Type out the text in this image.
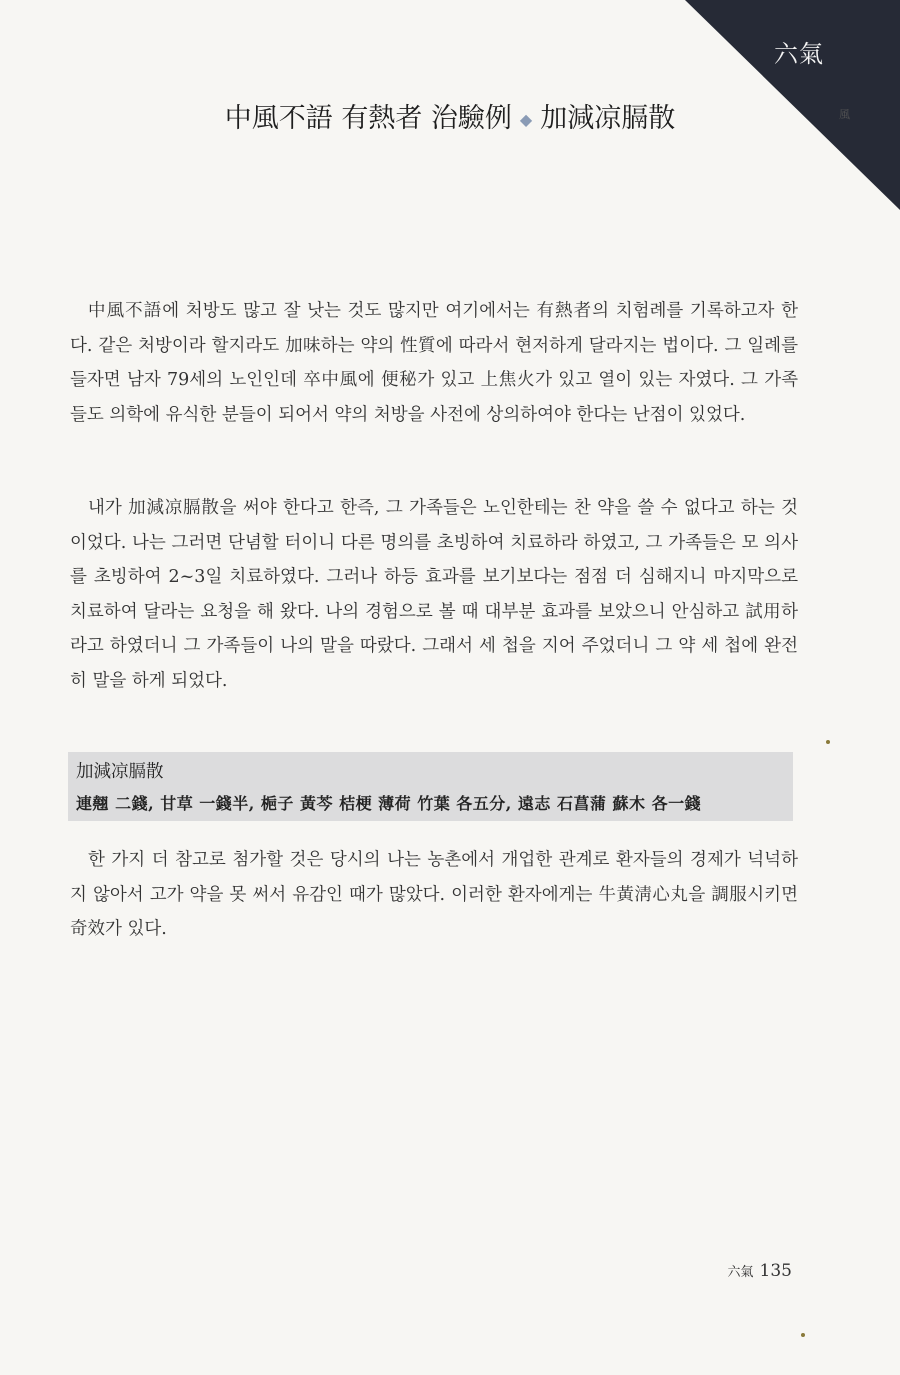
六氣
風
中風不語 有熱者 治驗例 ◆ 加減凉膈散

中風不語에 처방도 많고 잘 낫는 것도 많지만 여기에서는 有熱者의 치험례를 기록하고자 한다. 같은 처방이라 할지라도 加味하는 약의 性質에 따라서 현저하게 달라지는 법이다. 그 일례를 들자면 남자 79세의 노인인데 卒中風에 便秘가 있고 上焦火가 있고 열이 있는 자였다. 그 가족들도 의학에 유식한 분들이 되어서 약의 처방을 사전에 상의하여야 한다는 난점이 있었다.

내가 加減凉膈散을 써야 한다고 한즉, 그 가족들은 노인한테는 찬 약을 쓸 수 없다고 하는 것이었다. 나는 그러면 단념할 터이니 다른 명의를 초빙하여 치료하라 하였고, 그 가족들은 모 의사를 초빙하여 2~3일 치료하였다. 그러나 하등 효과를 보기보다는 점점 더 심해지니 마지막으로 치료하여 달라는 요청을 해 왔다. 나의 경험으로 볼 때 대부분 효과를 보았으니 안심하고 試用하라고 하였더니 그 가족들이 나의 말을 따랐다. 그래서 세 첩을 지어 주었더니 그 약 세 첩에 완전히 말을 하게 되었다.

加減凉膈散
連翹 二錢, 甘草 一錢半, 梔子 黃芩 桔梗 薄荷 竹葉 各五分, 遠志 石菖蒲 蘇木 各一錢

한 가지 더 참고로 첨가할 것은 당시의 나는 농촌에서 개업한 관계로 환자들의 경제가 넉넉하지 않아서 고가 약을 못 써서 유감인 때가 많았다. 이러한 환자에게는 牛黃淸心丸을 調服시키면 奇效가 있다.

六氣 135
